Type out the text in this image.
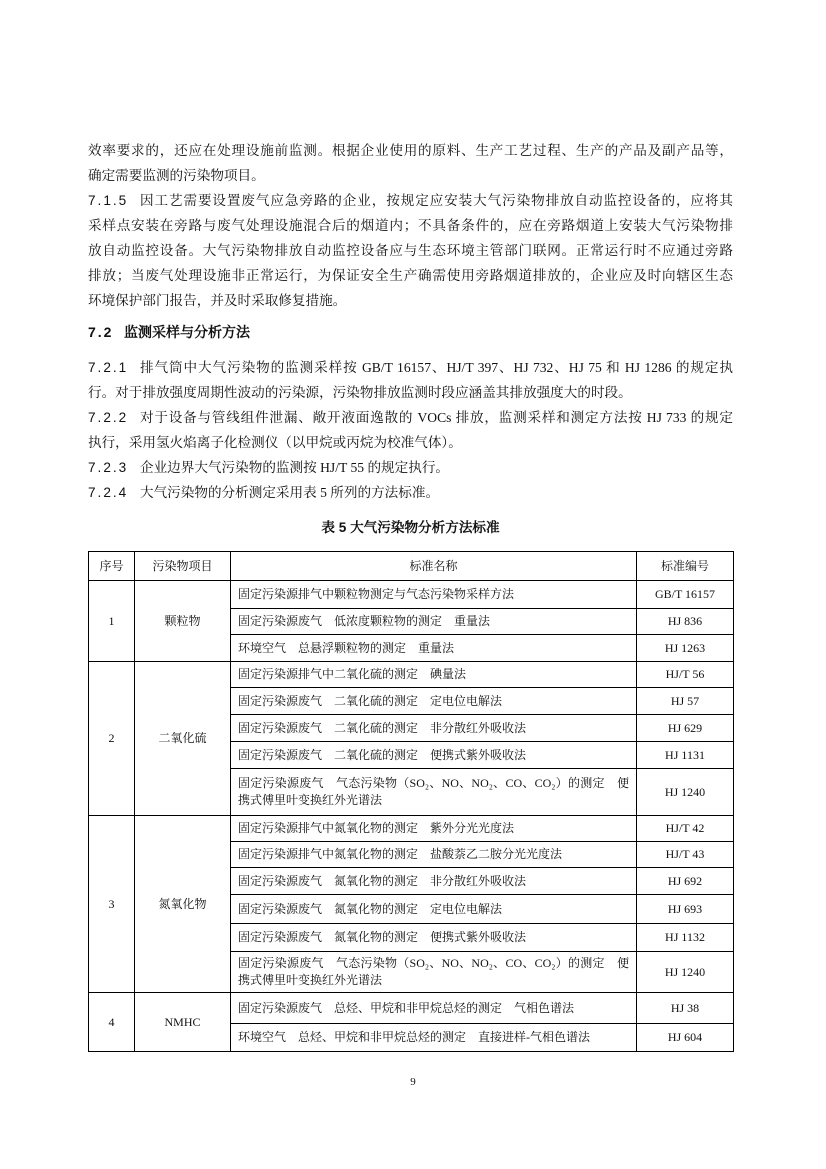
效率要求的，还应在处理设施前监测。根据企业使用的原料、生产工艺过程、生产的产品及副产品等，
确定需要监测的污染物项目。
7.1.5 因工艺需要设置废气应急旁路的企业，按规定应安装大气污染物排放自动监控设备的，应将其
采样点安装在旁路与废气处理设施混合后的烟道内；不具备条件的，应在旁路烟道上安装大气污染物排
放自动监控设备。大气污染物排放自动监控设备应与生态环境主管部门联网。正常运行时不应通过旁路
排放；当废气处理设施非正常运行，为保证安全生产确需使用旁路烟道排放的，企业应及时向辖区生态
环境保护部门报告，并及时采取修复措施。
7.2 监测采样与分析方法
7.2.1 排气筒中大气污染物的监测采样按 GB/T 16157、HJ/T 397、HJ 732、HJ 75 和 HJ 1286 的规定执
行。对于排放强度周期性波动的污染源，污染物排放监测时段应涵盖其排放强度大的时段。
7.2.2 对于设备与管线组件泄漏、敞开液面逸散的 VOCs 排放，监测采样和测定方法按 HJ 733 的规定
执行，采用氢火焰离子化检测仪（以甲烷或丙烷为校准气体）。
7.2.3 企业边界大气污染物的监测按 HJ/T 55 的规定执行。
7.2.4 大气污染物的分析测定采用表 5 所列的方法标准。
表 5 大气污染物分析方法标准
序号	污染物项目	标准名称	标准编号
1	颗粒物	固定污染源排气中颗粒物测定与气态污染物采样方法	GB/T 16157
		固定污染源废气　低浓度颗粒物的测定　重量法	HJ 836
		环境空气　总悬浮颗粒物的测定　重量法	HJ 1263
2	二氧化硫	固定污染源排气中二氧化硫的测定　碘量法	HJ/T 56
		固定污染源废气　二氧化硫的测定　定电位电解法	HJ 57
		固定污染源废气　二氧化硫的测定　非分散红外吸收法	HJ 629
		固定污染源废气　二氧化硫的测定　便携式紫外吸收法	HJ 1131
		固定污染源废气　气态污染物（SO₂、NO、NO₂、CO、CO₂）的测定　便携式傅里叶变换红外光谱法	HJ 1240
3	氮氧化物	固定污染源排气中氮氧化物的测定　紫外分光光度法	HJ/T 42
		固定污染源排气中氮氧化物的测定　盐酸萘乙二胺分光光度法	HJ/T 43
		固定污染源废气　氮氧化物的测定　非分散红外吸收法	HJ 692
		固定污染源废气　氮氧化物的测定　定电位电解法	HJ 693
		固定污染源废气　氮氧化物的测定　便携式紫外吸收法	HJ 1132
		固定污染源废气　气态污染物（SO₂、NO、NO₂、CO、CO₂）的测定　便携式傅里叶变换红外光谱法	HJ 1240
4	NMHC	固定污染源废气　总烃、甲烷和非甲烷总烃的测定　气相色谱法	HJ 38
		环境空气　总烃、甲烷和非甲烷总烃的测定　直接进样-气相色谱法	HJ 604
9
